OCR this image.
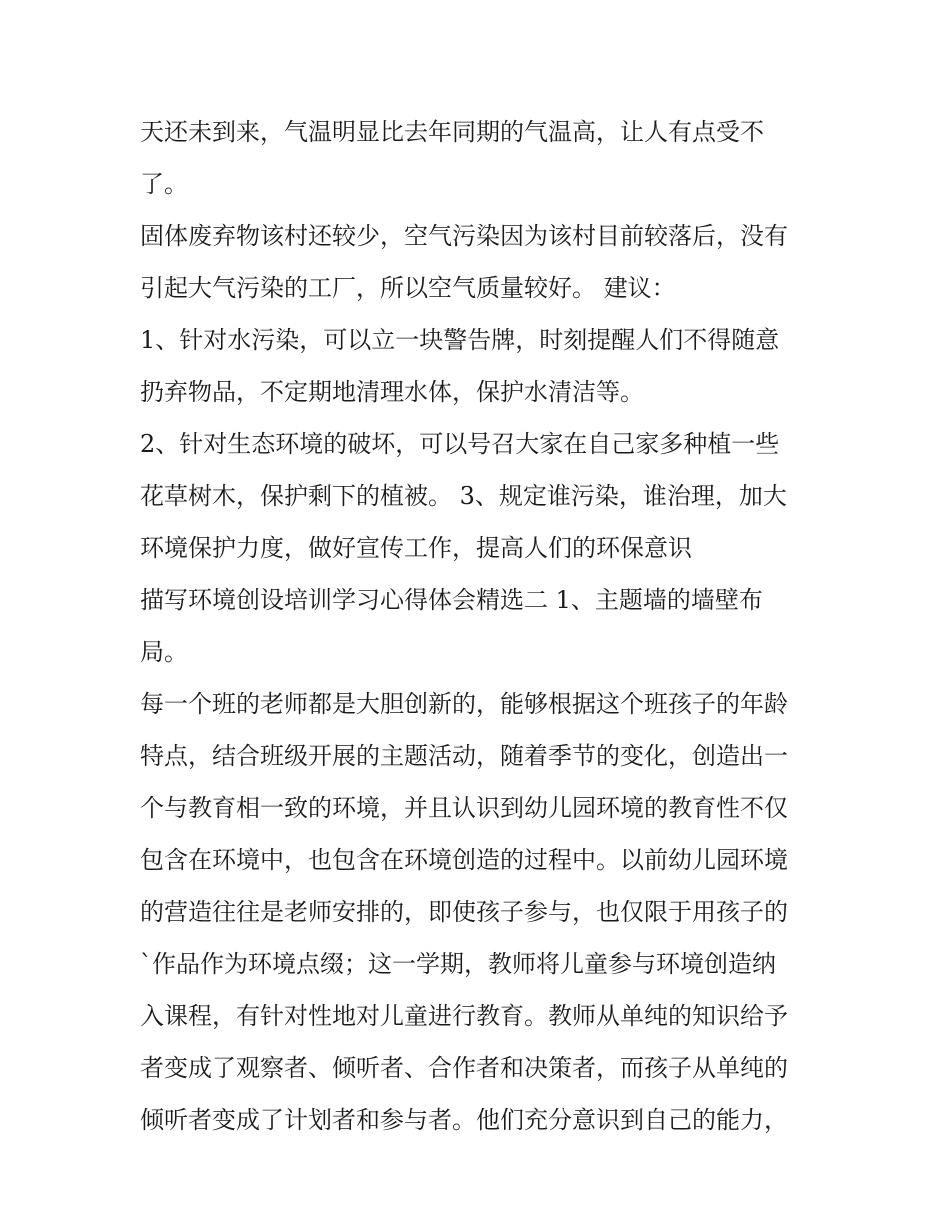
天还未到来，气温明显比去年同期的气温高，让人有点受不
了。
固体废弃物该村还较少，空气污染因为该村目前较落后，没有
引起大气污染的工厂，所以空气质量较好。 建议：
1、针对水污染，可以立一块警告牌，时刻提醒人们不得随意
扔弃物品，不定期地清理水体，保护水清洁等。
2、针对生态环境的破坏，可以号召大家在自己家多种植一些
花草树木，保护剩下的植被。 3、规定谁污染，谁治理，加大
环境保护力度，做好宣传工作，提高人们的环保意识
描写环境创设培训学习心得体会精选二 1、主题墙的墙壁布
局。
每一个班的老师都是大胆创新的，能够根据这个班孩子的年龄
特点，结合班级开展的主题活动，随着季节的变化，创造出一
个与教育相一致的环境，并且认识到幼儿园环境的教育性不仅
包含在环境中，也包含在环境创造的过程中。以前幼儿园环境
的营造往往是老师安排的，即使孩子参与，也仅限于用孩子的
`作品作为环境点缀；这一学期，教师将儿童参与环境创造纳
入课程，有针对性地对儿童进行教育。教师从单纯的知识给予
者变成了观察者、倾听者、合作者和决策者，而孩子从单纯的
倾听者变成了计划者和参与者。他们充分意识到自己的能力，
